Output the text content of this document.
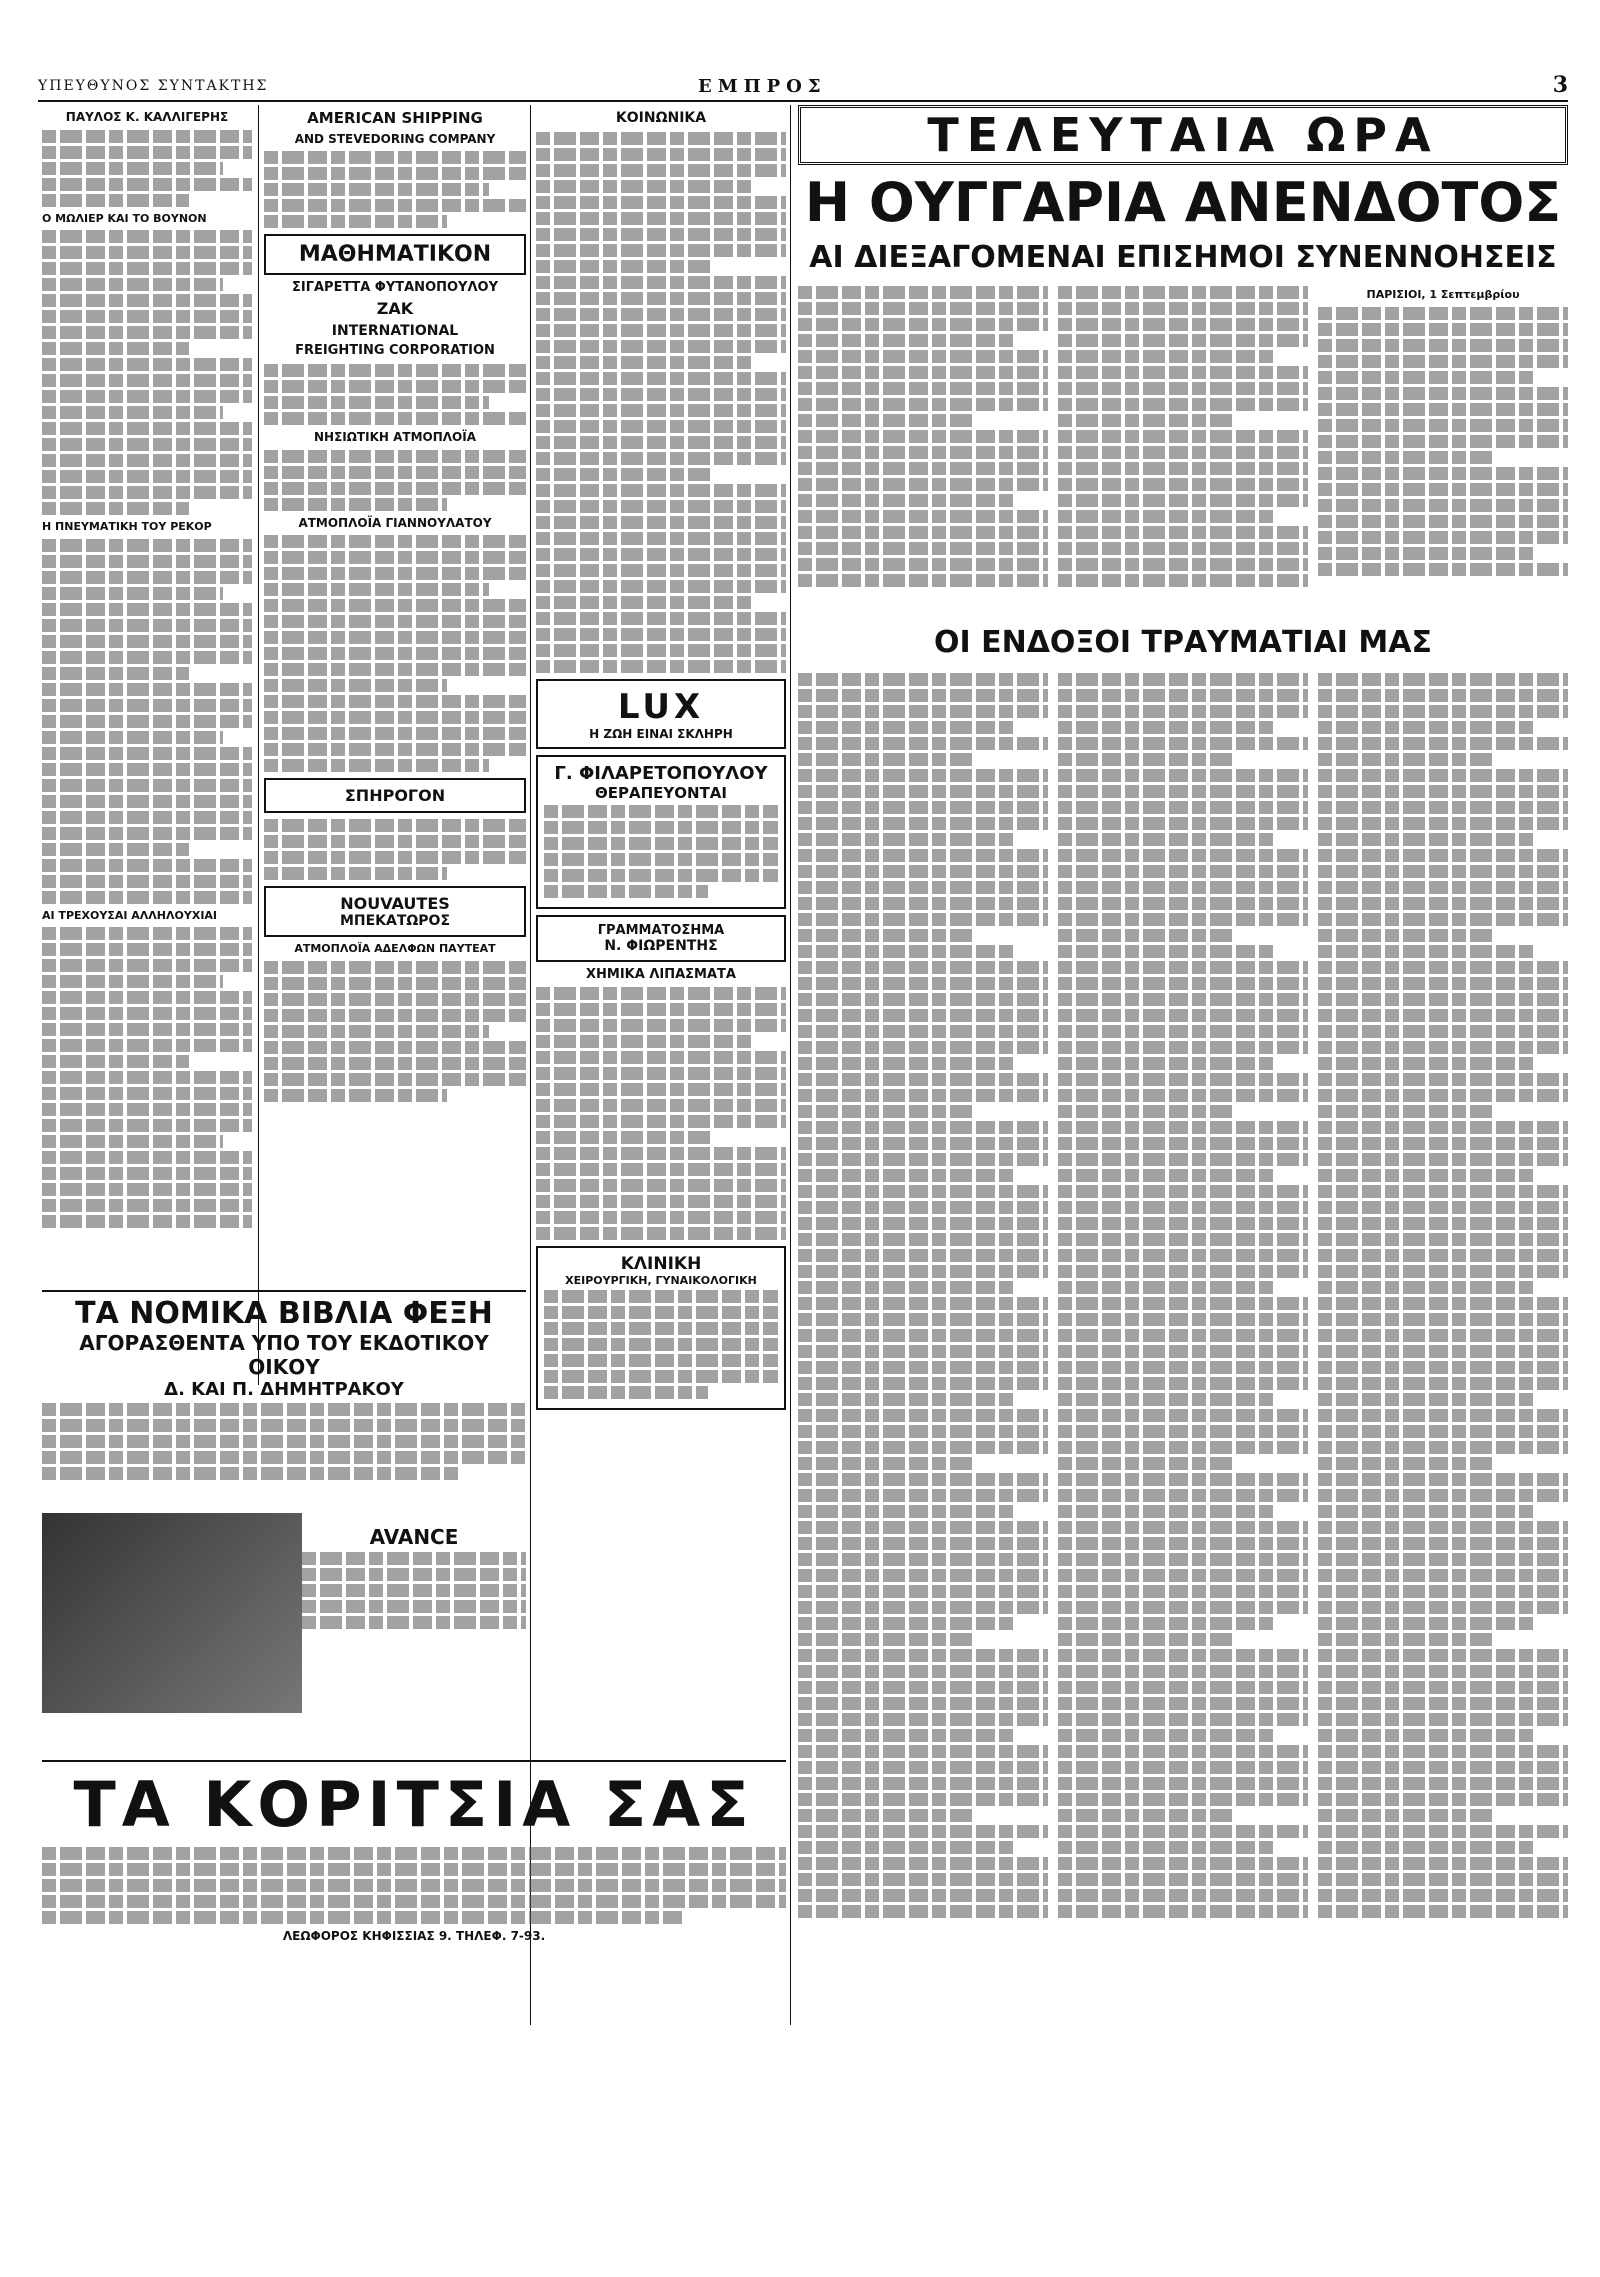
ΥΠΕΥΘΥΝΟΣ ΣΥΝΤΑΚΤΗΣ	ΕΜΠΡΟΣ	3
ΠΑΥΛΟΣ Κ. ΚΑΛΛΙΓΕΡΗΣ
Ο ΜΩΛΙΕΡ ΚΑΙ ΤΟ ΒΟΥΝΟΝ
Η ΠΝΕΥΜΑΤΙΚΗ ΤΟΥ ΡΕΚΟΡ
ΑΙ ΤΡΕΧΟΥΣΑΙ ΑΛΛΗΛΟΥΧΙΑΙ
AMERICAN SHIPPING
AND STEVEDORING COMPANY
ΜΑΘΗΜΑΤΙΚΟΝ
ΣΙΓΑΡΕΤΤΑ ΦΥΤΑΝΟΠΟΥΛΟΥ
ΖΑΚ
INTERNATIONAL
FREIGHTING CORPORATION
ΝΗΣΙΩΤΙΚΗ ΑΤΜΟΠΛΟΪΑ
ΑΤΜΟΠΛΟΪΑ ΓΙΑΝΝΟΥΛΑΤΟΥ
ΣΠΗΡΟΓΟΝ
NOUVAUTES
ΜΠΕΚΑΤΩΡΟΣ
ΑΤΜΟΠΛΟΪΑ ΑΔΕΛΦΩΝ ΠΑΥΤΕΑΤ
ΚΟΙΝΩΝΙΚΑ
LUX
Η ΖΩΗ ΕΙΝΑΙ ΣΚΛΗΡΗ
Γ. ΦΙΛΑΡΕΤΟΠΟΥΛΟΥ
ΘΕΡΑΠΕΥΟΝΤΑΙ
ΓΡΑΜΜΑΤΟΣΗΜΑ
Ν. ΦΙΩΡΕΝΤΗΣ
ΧΗΜΙΚΑ ΛΙΠΑΣΜΑΤΑ
ΚΛΙΝΙΚΗ
ΧΕΙΡΟΥΡΓΙΚΗ, ΓΥΝΑΙΚΟΛΟΓΙΚΗ
ΤΕΛΕΥΤΑΙΑ ΩΡΑ
Η ΟΥΓΓΑΡΙΑ ΑΝΕΝΔΟΤΟΣ
ΑΙ ΔΙΕΞΑΓΟΜΕΝΑΙ ΕΠΙΣΗΜΟΙ ΣΥΝΕΝΝΟΗΣΕΙΣ
ΠΑΡΙΣΙΟΙ, 1 Σεπτεμβρίου
ΟΙ ΕΝΔΟΞΟΙ ΤΡΑΥΜΑΤΙΑΙ ΜΑΣ
ΤΑ ΝΟΜΙΚΑ ΒΙΒΛΙΑ ΦΕΞΗ
ΑΓΟΡΑΣΘΕΝΤΑ ΥΠΟ ΤΟΥ ΕΚΔΟΤΙΚΟΥ ΟΙΚΟΥ
Δ. ΚΑΙ Π. ΔΗΜΗΤΡΑΚΟΥ
AVANCE
ΤΑ ΚΟΡΙΤΣΙΑ ΣΑΣ
ΛΕΩΦΟΡΟΣ ΚΗΦΙΣΣΙΑΣ 9. ΤΗΛΕΦ. 7-93.
